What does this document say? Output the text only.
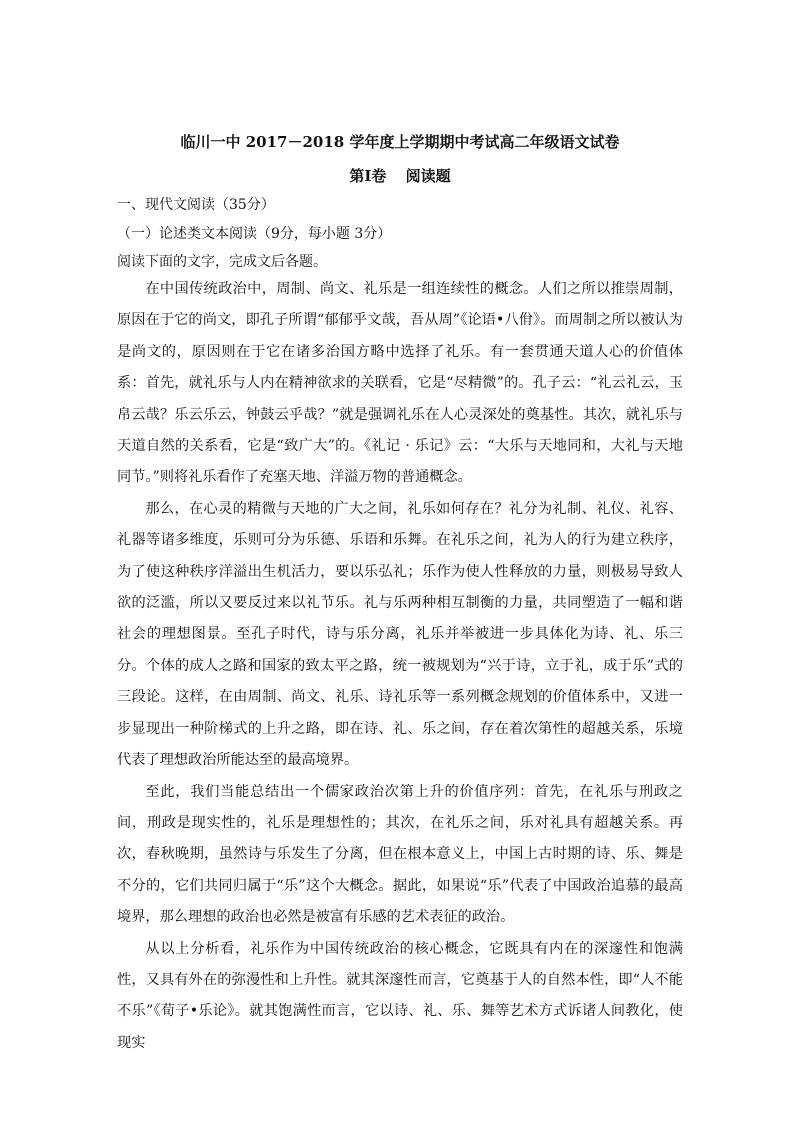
临川一中 2017－2018 学年度上学期期中考试高二年级语文试卷

第Ⅰ卷 阅读题

一、现代文阅读（35分）

（一）论述类文本阅读（9分，每小题 3分）

阅读下面的文字，完成文后各题。

在中国传统政治中，周制、尚文、礼乐是一组连续性的概念。人们之所以推崇周制，原因在于它的尚文，即孔子所谓“郁郁乎文哉，吾从周”《论语•八佾》。而周制之所以被认为是尚文的，原因则在于它在诸多治国方略中选择了礼乐。有一套贯通天道人心的价值体系：首先，就礼乐与人内在精神欲求的关联看，它是“尽精微”的。孔子云：“礼云礼云，玉帛云哉？乐云乐云，钟鼓云乎哉？”就是强调礼乐在人心灵深处的奠基性。其次，就礼乐与天道自然的关系看，它是“致广大”的。《礼记 · 乐记》云：“大乐与天地同和，大礼与天地同节。”则将礼乐看作了充塞天地、洋溢万物的普通概念。

那么，在心灵的精微与天地的广大之间，礼乐如何存在？礼分为礼制、礼仪、礼容、礼器等诸多维度，乐则可分为乐德、乐语和乐舞。在礼乐之间，礼为人的行为建立秩序，为了使这种秩序洋溢出生机活力，要以乐弘礼；乐作为使人性释放的力量，则极易导致人欲的泛滥，所以又要反过来以礼节乐。礼与乐两种相互制衡的力量，共同塑造了一幅和谐社会的理想图景。至孔子时代，诗与乐分离，礼乐并举被进一步具体化为诗、礼、乐三分。个体的成人之路和国家的致太平之路，统一被规划为“兴于诗，立于礼，成于乐”式的三段论。这样，在由周制、尚文、礼乐、诗礼乐等一系列概念规划的价值体系中，又进一步显现出一种阶梯式的上升之路，即在诗、礼、乐之间，存在着次第性的超越关系，乐境代表了理想政治所能达至的最高境界。

至此，我们当能总结出一个儒家政治次第上升的价值序列：首先，在礼乐与刑政之间，刑政是现实性的，礼乐是理想性的；其次，在礼乐之间，乐对礼具有超越关系。再次，春秋晚期，虽然诗与乐发生了分离，但在根本意义上，中国上古时期的诗、乐、舞是不分的，它们共同归属于“乐”这个大概念。据此，如果说“乐”代表了中国政治追慕的最高境界，那么理想的政治也必然是被富有乐感的艺术表征的政治。

从以上分析看，礼乐作为中国传统政治的核心概念，它既具有内在的深邃性和饱满性，又具有外在的弥漫性和上升性。就其深邃性而言，它奠基于人的自然本性，即“人不能不乐”《荀子•乐论》。就其饱满性而言，它以诗、礼、乐、舞等艺术方式诉诸人间教化，使现实
